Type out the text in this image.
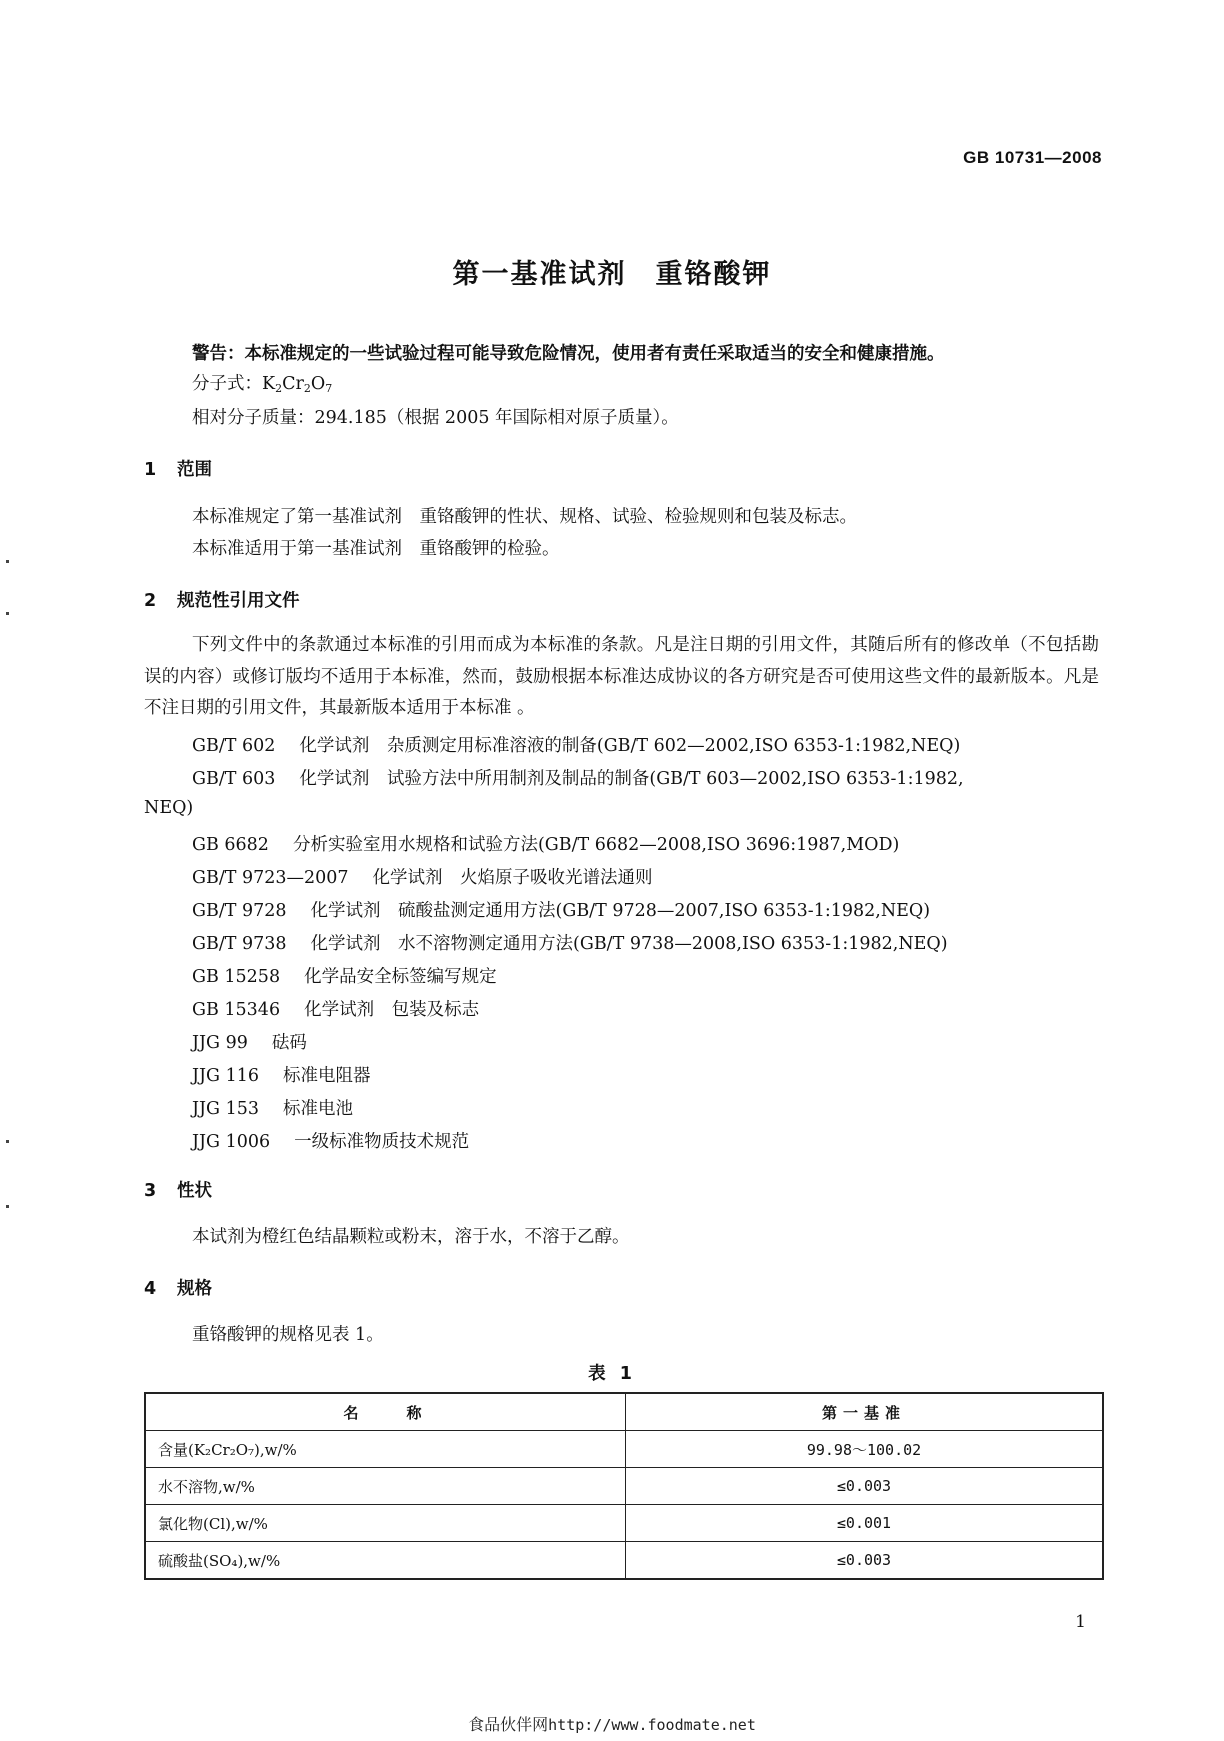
GB 10731—2008
第一基准试剂　重铬酸钾
警告：本标准规定的一些试验过程可能导致危险情况，使用者有责任采取适当的安全和健康措施。
分子式：$K_2Cr_2O_7$
相对分子质量：294.185（根据 2005 年国际相对原子质量）。
1 范围
本标准规定了第一基准试剂　重铬酸钾的性状、规格、试验、检验规则和包装及标志。
本标准适用于第一基准试剂　重铬酸钾的检验。
2 规范性引用文件
下列文件中的条款通过本标准的引用而成为本标准的条款。凡是注日期的引用文件，其随后所有的修改单（不包括勘误的内容）或修订版均不适用于本标准，然而，鼓励根据本标准达成协议的各方研究是否可使用这些文件的最新版本。凡是不注日期的引用文件，其最新版本适用于本标准 。
GB/T 602 化学试剂　杂质测定用标准溶液的制备(GB/T 602—2002,ISO 6353-1:1982,NEQ)
GB/T 603 化学试剂　试验方法中所用制剂及制品的制备(GB/T 603—2002,ISO 6353-1:1982,
NEQ)
GB 6682 分析实验室用水规格和试验方法(GB/T 6682—2008,ISO 3696:1987,MOD)
GB/T 9723—2007 化学试剂　火焰原子吸收光谱法通则
GB/T 9728 化学试剂　硫酸盐测定通用方法(GB/T 9728—2007,ISO 6353-1:1982,NEQ)
GB/T 9738 化学试剂　水不溶物测定通用方法(GB/T 9738—2008,ISO 6353-1:1982,NEQ)
GB 15258 化学品安全标签编写规定
GB 15346 化学试剂　包装及标志
JJG 99 砝码
JJG 116 标准电阻器
JJG 153 标准电池
JJG 1006 一级标准物质技术规范
3 性状
本试剂为橙红色结晶颗粒或粉末，溶于水，不溶于乙醇。
4 规格
重铬酸钾的规格见表 1。
表 1
名　　称	第一基准
含量(K₂Cr₂O₇),w/%	99.98～100.02
水不溶物,w/%	≤0.003
氯化物(Cl),w/%	≤0.001
硫酸盐(SO₄),w/%	≤0.003
1
食品伙伴网http://www.foodmate.net
